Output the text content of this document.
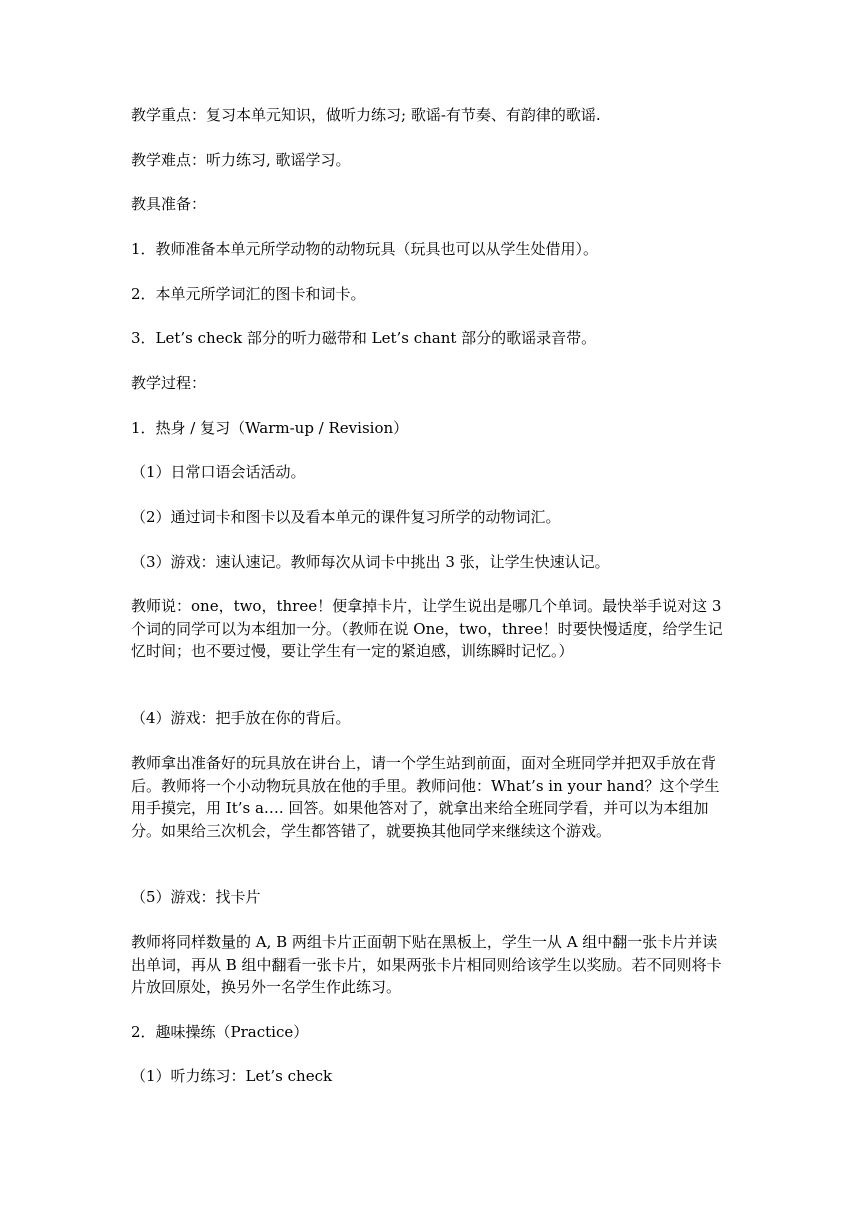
教学重点：复习本单元知识，做听力练习; 歌谣-有节奏、有韵律的歌谣.

教学难点：听力练习, 歌谣学习。

教具准备：

1．教师准备本单元所学动物的动物玩具（玩具也可以从学生处借用）。

2．本单元所学词汇的图卡和词卡。

3．Let’s check 部分的听力磁带和 Let’s chant 部分的歌谣录音带。

教学过程：

1．热身 / 复习（Warm-up / Revision）

（1）日常口语会话活动。

（2）通过词卡和图卡以及看本单元的课件复习所学的动物词汇。

（3）游戏：速认速记。教师每次从词卡中挑出 3 张，让学生快速认记。

教师说：one，two，three！便拿掉卡片，让学生说出是哪几个单词。最快举手说对这 3 个词的同学可以为本组加一分。（教师在说 One，two，three！时要快慢适度，给学生记忆时间；也不要过慢，要让学生有一定的紧迫感，训练瞬时记忆。）

（4）游戏：把手放在你的背后。

教师拿出准备好的玩具放在讲台上，请一个学生站到前面，面对全班同学并把双手放在背后。教师将一个小动物玩具放在他的手里。教师问他：What’s in your hand？这个学生用手摸完，用 It’s a…. 回答。如果他答对了，就拿出来给全班同学看，并可以为本组加分。如果给三次机会，学生都答错了，就要换其他同学来继续这个游戏。

（5）游戏：找卡片

教师将同样数量的 A, B 两组卡片正面朝下贴在黑板上，学生一从 A 组中翻一张卡片并读出单词，再从 B 组中翻看一张卡片，如果两张卡片相同则给该学生以奖励。若不同则将卡片放回原处，换另外一名学生作此练习。

2．趣味操练（Practice）

（1）听力练习：Let’s check
